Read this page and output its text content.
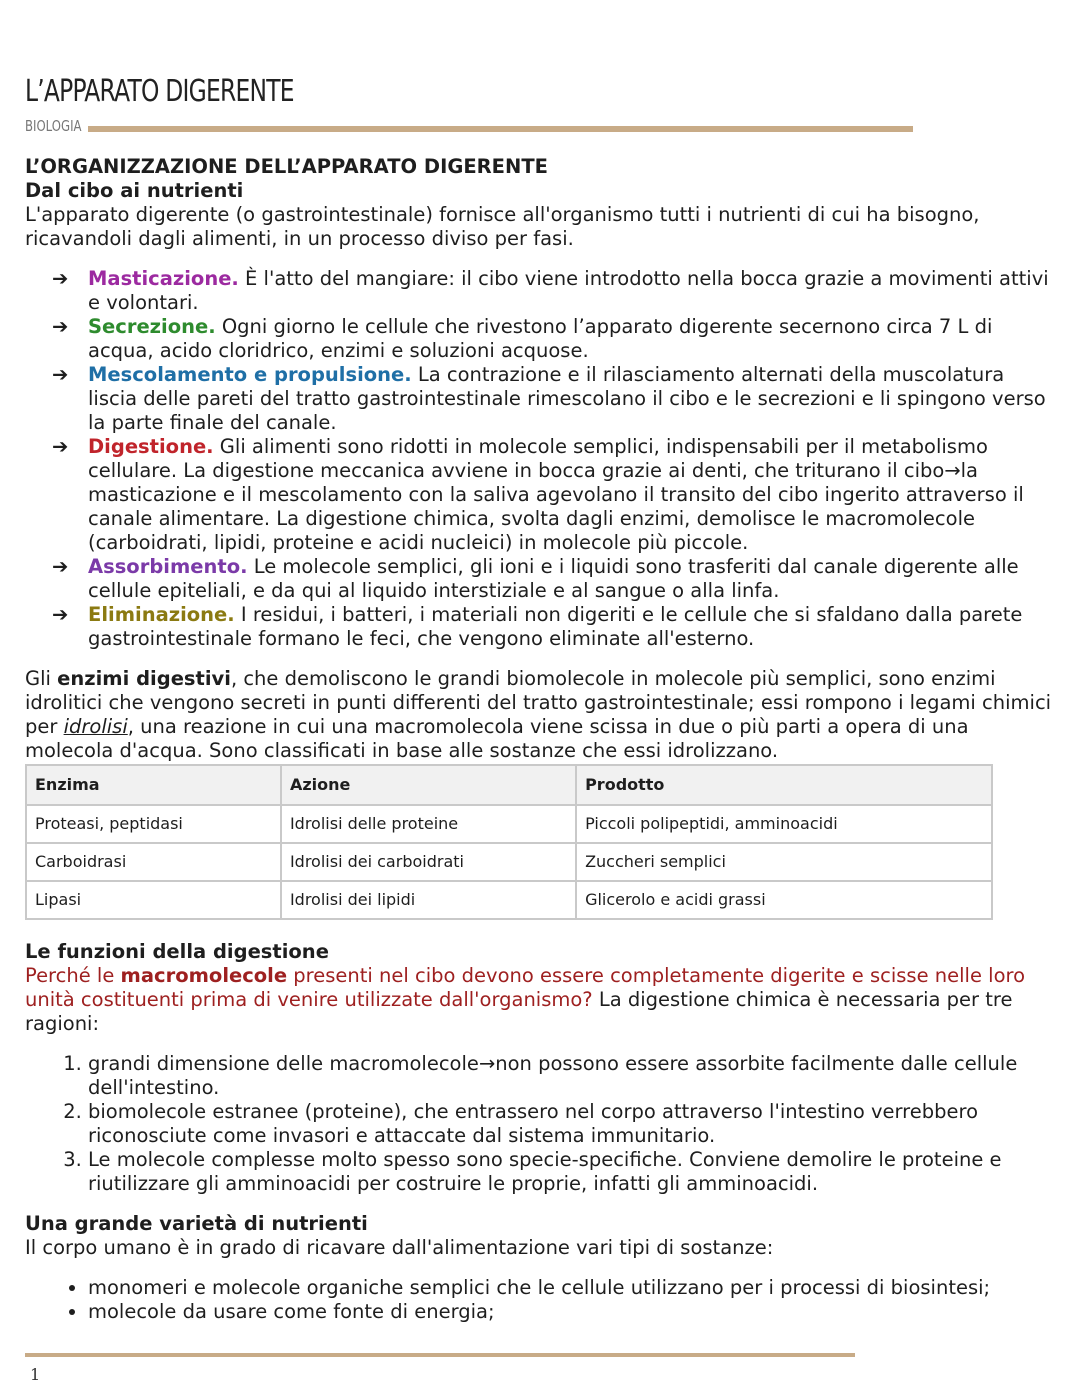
L’APPARATO DIGERENTE
BIOLOGIA
L’ORGANIZZAZIONE DELL’APPARATO DIGERENTE
Dal cibo ai nutrienti

L'apparato digerente (o gastrointestinale) fornisce all'organismo tutti i nutrienti di cui ha bisogno, ricavandoli dagli alimenti, in un processo diviso per fasi.

➔ Masticazione. È l'atto del mangiare: il cibo viene introdotto nella bocca grazie a movimenti attivi e volontari.
➔ Secrezione. Ogni giorno le cellule che rivestono l’apparato digerente secernono circa 7 L di acqua, acido cloridrico, enzimi e soluzioni acquose.
➔ Mescolamento e propulsione. La contrazione e il rilasciamento alternati della muscolatura liscia delle pareti del tratto gastrointestinale rimescolano il cibo e le secrezioni e li spingono verso la parte finale del canale.
➔ Digestione. Gli alimenti sono ridotti in molecole semplici, indispensabili per il metabolismo cellulare. La digestione meccanica avviene in bocca grazie ai denti, che triturano il cibo→la masticazione e il mescolamento con la saliva agevolano il transito del cibo ingerito attraverso il canale alimentare. La digestione chimica, svolta dagli enzimi, demolisce le macromolecole (carboidrati, lipidi, proteine e acidi nucleici) in molecole più piccole.
➔ Assorbimento. Le molecole semplici, gli ioni e i liquidi sono trasferiti dal canale digerente alle cellule epiteliali, e da qui al liquido interstiziale e al sangue o alla linfa.
➔ Eliminazione. I residui, i batteri, i materiali non digeriti e le cellule che si sfaldano dalla parete gastrointestinale formano le feci, che vengono eliminate all'esterno.

Gli enzimi digestivi, che demoliscono le grandi biomolecole in molecole più semplici, sono enzimi idrolitici che vengono secreti in punti differenti del tratto gastrointestinale; essi rompono i legami chimici per idrolisi, una reazione in cui una macromolecola viene scissa in due o più parti a opera di una molecola d'acqua. Sono classificati in base alle sostanze che essi idrolizzano.

Enzima	Azione	Prodotto
Proteasi, peptidasi	Idrolisi delle proteine	Piccoli polipeptidi, amminoacidi
Carboidrasi	Idrolisi dei carboidrati	Zuccheri semplici
Lipasi	Idrolisi dei lipidi	Glicerolo e acidi grassi
Le funzioni della digestione

Perché le macromolecole presenti nel cibo devono essere completamente digerite e scisse nelle loro unità costituenti prima di venire utilizzate dall'organismo? La digestione chimica è necessaria per tre ragioni:

1. grandi dimensione delle macromolecole→non possono essere assorbite facilmente dalle cellule dell'intestino.
2. biomolecole estranee (proteine), che entrassero nel corpo attraverso l'intestino verrebbero riconosciute come invasori e attaccate dal sistema immunitario.
3. Le molecole complesse molto spesso sono specie-specifiche. Conviene demolire le proteine e riutilizzare gli amminoacidi per costruire le proprie, infatti gli amminoacidi.
Una grande varietà di nutrienti

Il corpo umano è in grado di ricavare dall'alimentazione vari tipi di sostanze:

• monomeri e molecole organiche semplici che le cellule utilizzano per i processi di biosintesi;
• molecole da usare come fonte di energia;
1
